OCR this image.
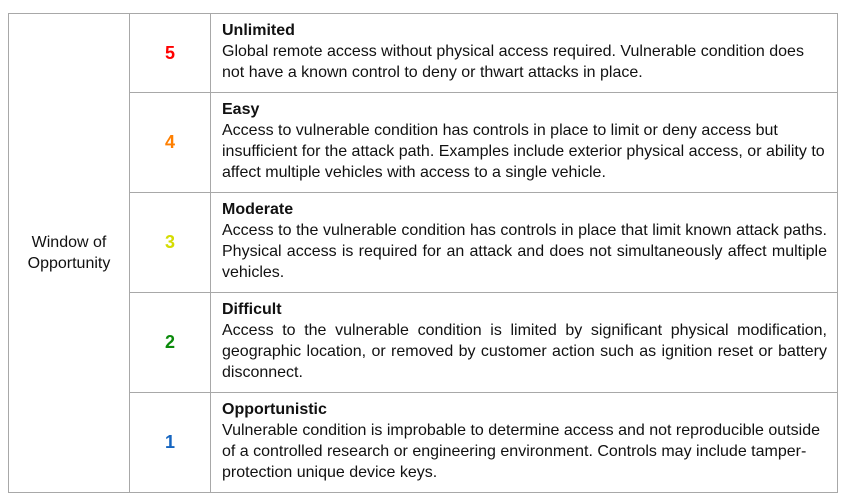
Window of Opportunity	5	Unlimited
Global remote access without physical access required. Vulnerable condition does not have a known control to deny or thwart attacks in place.

	4	Easy
Access to vulnerable condition has controls in place to limit or deny access but insufficient for the attack path. Examples include exterior physical access, or ability to affect multiple vehicles with access to a single vehicle.

	3	Moderate
Access to the vulnerable condition has controls in place that limit known attack paths. Physical access is required for an attack and does not simultaneously affect multiple vehicles.

	2	Difficult
Access to the vulnerable condition is limited by significant physical modification, geographic location, or removed by customer action such as ignition reset or battery disconnect.

	1	Opportunistic
Vulnerable condition is improbable to determine access and not reproducible outside of a controlled research or engineering environment. Controls may include tamper-protection unique device keys.
